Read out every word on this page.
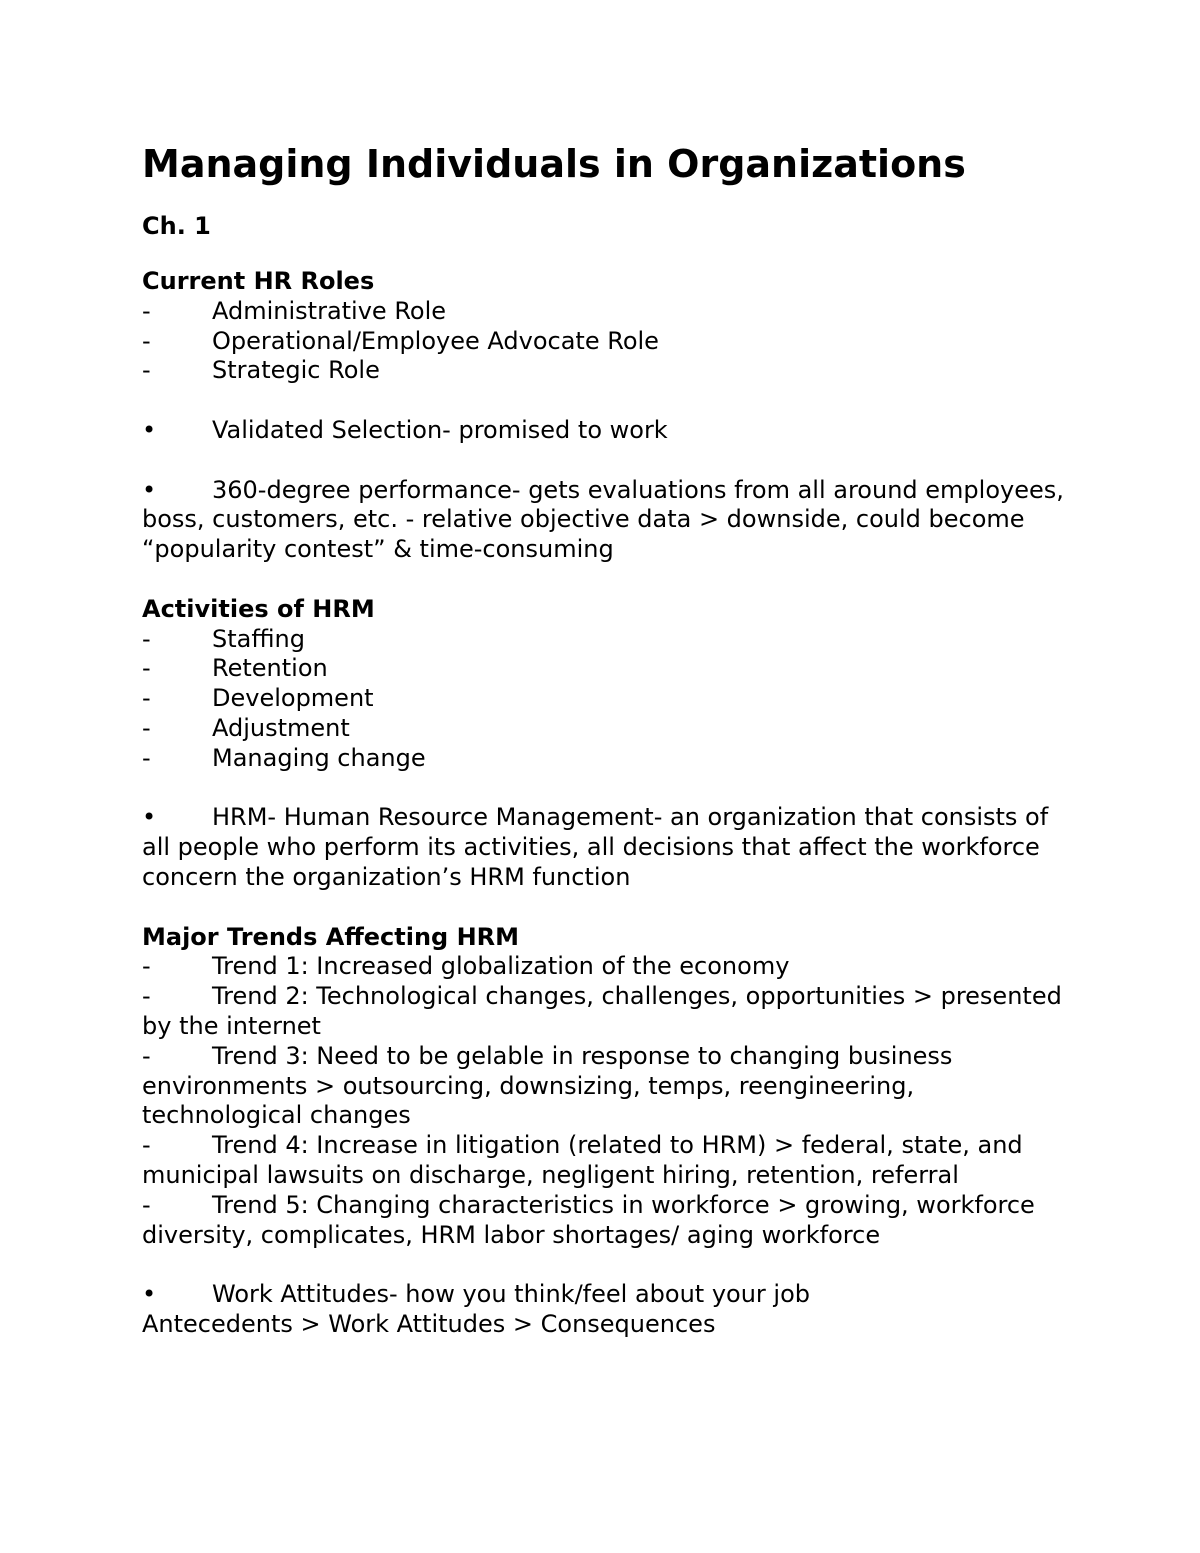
Managing Individuals in Organizations

Ch. 1

Current HR Roles

-	Administrative Role
-	Operational/Employee Advocate Role
-	Strategic Role

• Validated Selection- promised to work

• 360-degree performance- gets evaluations from all around employees, boss, customers, etc. - relative objective data > downside, could become “popularity contest” & time-consuming

Activities of HRM

-	Staffing
-	Retention
-	Development
-	Adjustment
-	Managing change

• HRM- Human Resource Management- an organization that consists of all people who perform its activities, all decisions that affect the workforce concern the organization’s HRM function

Major Trends Affecting HRM

-	Trend 1: Increased globalization of the economy

-	Trend 2: Technological changes, challenges, opportunities > presented by the internet

-	Trend 3: Need to be gelable in response to changing business environments > outsourcing, downsizing, temps, reengineering, technological changes

-	Trend 4: Increase in litigation (related to HRM) > federal, state, and municipal lawsuits on discharge, negligent hiring, retention, referral

-	Trend 5: Changing characteristics in workforce > growing, workforce diversity, complicates, HRM labor shortages/ aging workforce

• Work Attitudes- how you think/feel about your job

Antecedents > Work Attitudes > Consequences
